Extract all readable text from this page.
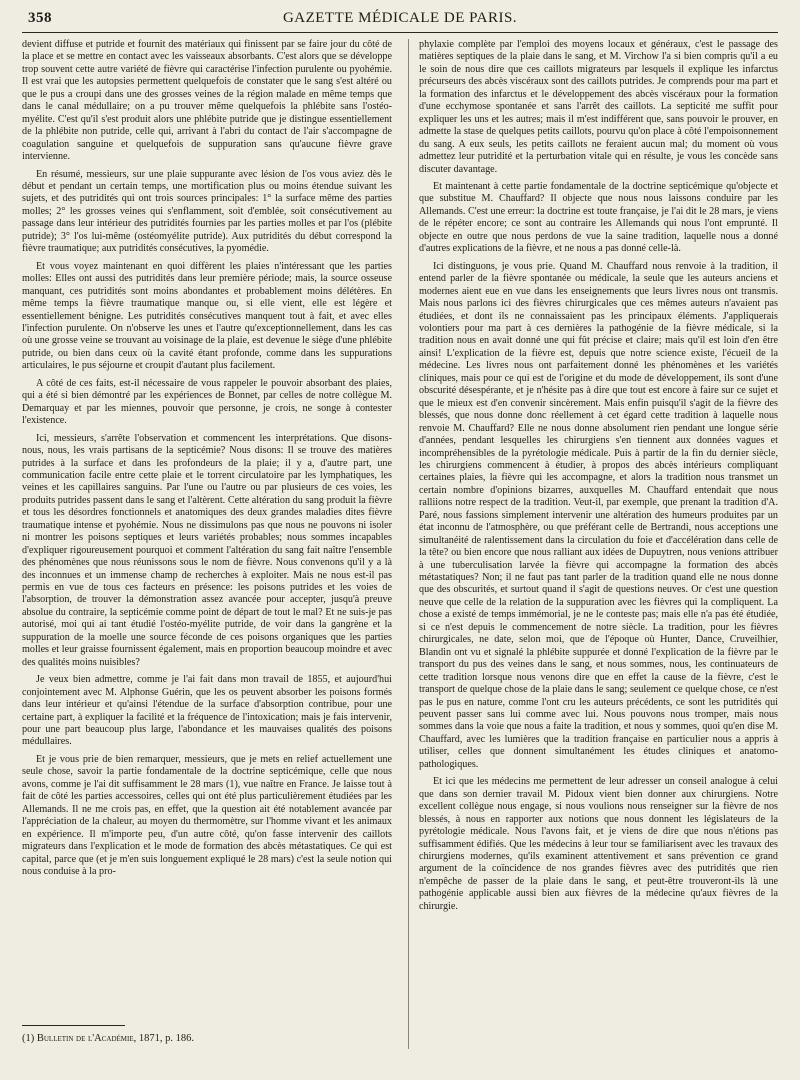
358	GAZETTE MÉDICALE DE PARIS.

devient diffuse et putride et fournit des matériaux qui finissent par se faire jour du côté de la place et se mettre en contact avec les vaisseaux absorbants. C'est alors que se développe trop souvent cette autre variété de fièvre qui caractérise l'infection purulente ou pyohémie. Il est vrai que les autopsies permettent quelquefois de constater que le sang s'est altéré ou que le pus a croupi dans une des grosses veines de la région malade en même temps que dans le canal médullaire; on a pu trouver même quelquefois la phlébite sans l'ostéo-myélite. C'est qu'il s'est produit alors une phlébite putride que je distingue essentiellement de la phlébite non putride, celle qui, arrivant à l'abri du contact de l'air s'accompagne de coagulation sanguine et quelquefois de suppuration sans qu'aucune fièvre grave intervienne.

En résumé, messieurs, sur une plaie suppurante avec lésion de l'os vous aviez dès le début et pendant un certain temps, une mortification plus ou moins étendue suivant les sujets, et des putridités qui ont trois sources principales: 1° la surface même des parties molles; 2° les grosses veines qui s'enflamment, soit d'emblée, soit consécutivement au passage dans leur intérieur des putridités fournies par les parties molles et par l'os (plébite putride); 3° l'os lui-même (ostéomyélite putride). Aux putridités du début correspond la fièvre traumatique; aux putridités consécutives, la pyomédie.

Et vous voyez maintenant en quoi diffèrent les plaies n'intéressant que les parties molles: Elles ont aussi des putridités dans leur première période; mais, la source osseuse manquant, ces putridités sont moins abondantes et probablement moins délétères. En même temps la fièvre traumatique manque ou, si elle vient, elle est légère et essentiellement bénigne. Les putridités consécutives manquent tout à fait, et avec elles l'infection purulente. On n'observe les unes et l'autre qu'exceptionnellement, dans les cas où une grosse veine se trouvant au voisinage de la plaie, est devenue le siège d'une phlébite putride, ou bien dans ceux où la cavité étant profonde, comme dans les suppurations articulaires, le pus séjourne et croupit d'autant plus facilement.

A côté de ces faits, est-il nécessaire de vous rappeler le pouvoir absorbant des plaies, qui a été si bien démontré par les expériences de Bonnet, par celles de notre collègue M. Demarquay et par les miennes, pouvoir que personne, je crois, ne songe à contester l'existence.

Ici, messieurs, s'arrête l'observation et commencent les interprétations. Que disons-nous, nous, les vrais partisans de la septicémie? Nous disons: Il se trouve des matières putrides à la surface et dans les profondeurs de la plaie; il y a, d'autre part, une communication facile entre cette plaie et le torrent circulatoire par les lymphatiques, les veines et les capillaires sanguins. Par l'une ou l'autre ou par plusieurs de ces voies, les produits putrides passent dans le sang et l'altèrent. Cette altération du sang produit la fièvre et tous les désordres fonctionnels et anatomiques des deux grandes maladies dites fièvre traumatique intense et pyohémie. Nous ne dissimulons pas que nous ne pouvons ni isoler ni montrer les poisons septiques et leurs variétés probables; nous sommes incapables d'expliquer rigoureusement pourquoi et comment l'altération du sang fait naître l'ensemble des phénomènes que nous réunissons sous le nom de fièvre. Nous convenons qu'il y a là des inconnues et un immense champ de recherches à exploiter. Mais ne nous est-il pas permis en vue de tous ces facteurs en présence: les poisons putrides et les voies de l'absorption, de trouver la démonstration assez avancée pour accepter, jusqu'à preuve absolue du contraire, la septicémie comme point de départ de tout le mal? Et ne suis-je pas autorisé, moi qui ai tant étudié l'ostéo-myélite putride, de voir dans la gangrène et la suppuration de la moelle une source féconde de ces poisons organiques que les parties molles et leur graisse fournissent également, mais en proportion beaucoup moindre et avec des qualités moins nuisibles?

Je veux bien admettre, comme je l'ai fait dans mon travail de 1855, et aujourd'hui conjointement avec M. Alphonse Guérin, que les os peuvent absorber les poisons formés dans leur intérieur et qu'ainsi l'étendue de la surface d'absorption contribue, pour une certaine part, à expliquer la facilité et la fréquence de l'intoxication; mais je fais intervenir, pour une part beaucoup plus large, l'abondance et les mauvaises qualités des poisons médullaires.

Et je vous prie de bien remarquer, messieurs, que je mets en relief actuellement une seule chose, savoir la partie fondamentale de la doctrine septicémique, celle que nous avons, comme je l'ai dit suffisamment le 28 mars (1), vue naître en France. Je laisse tout à fait de côté les parties accessoires, celles qui ont été plus particulièrement étudiées par les Allemands. Il ne me crois pas, en effet, que la question ait été notablement avancée par l'appréciation de la chaleur, au moyen du thermomètre, sur l'homme vivant et les animaux en expérience. Il m'importe peu, d'un autre côté, qu'on fasse intervenir des caillots migrateurs dans l'explication et le mode de formation des abcès métastatiques. Ce qui est capital, parce que (et je m'en suis longuement expliqué le 28 mars) c'est la seule notion qui nous conduise à la pro-

(1) Bulletin de l'Académie, 1871, p. 186.

phylaxie complète par l'emploi des moyens locaux et généraux, c'est le passage des matières septiques de la plaie dans le sang, et M. Virchow l'a si bien compris qu'il a eu le soin de nous dire que ces caillots migrateurs par lesquels il explique les infarctus précurseurs des abcès viscéraux sont des caillots putrides. Je comprends pour ma part et la formation des infarctus et le développement des abcès viscéraux pour la formation d'une ecchymose spontanée et sans l'arrêt des caillots. La septicité me suffit pour expliquer les uns et les autres; mais il m'est indifférent que, sans pouvoir le prouver, en admette la stase de quelques petits caillots, pourvu qu'on place à côté l'empoisonnement du sang. A eux seuls, les petits caillots ne feraient aucun mal; du moment où vous admettez leur putridité et la perturbation vitale qui en résulte, je vous les concède sans discuter davantage.

Et maintenant à cette partie fondamentale de la doctrine septicémique qu'objecte et que substitue M. Chauffard? Il objecte que nous nous laissons conduire par les Allemands. C'est une erreur: la doctrine est toute française, je l'ai dit le 28 mars, je viens de le répéter encore; ce sont au contraire les Allemands qui nous l'ont emprunté. Il objecte en outre que nous perdons de vue la saine tradition, laquelle nous a donné d'autres explications de la fièvre, et ne nous a pas donné celle-là.

Ici distinguons, je vous prie. Quand M. Chauffard nous renvoie à la tradition, il entend parler de la fièvre spontanée ou médicale, la seule que les auteurs anciens et modernes aient eue en vue dans les enseignements que leurs livres nous ont transmis. Mais nous parlons ici des fièvres chirurgicales que ces mêmes auteurs n'avaient pas étudiées, et dont ils ne connaissaient pas les principaux éléments. J'appliquerais volontiers pour ma part à ces dernières la pathogénie de la fièvre médicale, si la tradition nous en avait donné une qui fût précise et claire; mais qu'il est loin d'en être ainsi! L'explication de la fièvre est, depuis que notre science existe, l'écueil de la médecine. Les livres nous ont parfaitement donné les phénomènes et les variétés cliniques, mais pour ce qui est de l'origine et du mode de développement, ils sont d'une obscurité désespérante, et je n'hésite pas à dire que tout est encore à faire sur ce sujet et que le mieux est d'en convenir sincèrement. Mais enfin puisqu'il s'agit de la fièvre des blessés, que nous donne donc réellement à cet égard cette tradition à laquelle nous renvoie M. Chauffard? Elle ne nous donne absolument rien pendant une longue série d'années, pendant lesquelles les chirurgiens s'en tiennent aux données vagues et incompréhensibles de la pyrétologie médicale. Puis à partir de la fin du dernier siècle, les chirurgiens commencent à étudier, à propos des abcès intérieurs compliquant certaines plaies, la fièvre qui les accompagne, et alors la tradition nous transmet un certain nombre d'opinions bizarres, auxquelles M. Chauffard entendait que nous ralliions notre respect de la tradition. Veut-il, par exemple, que prenant la tradition d'A. Paré, nous fassions simplement intervenir une altération des humeurs produites par un état inconnu de l'atmosphère, ou que préférant celle de Bertrandi, nous acceptions une simultanéité de ralentissement dans la circulation du foie et d'accélération dans celle de la tête? ou bien encore que nous ralliant aux idées de Dupuytren, nous venions attribuer à une tuberculisation larvée la fièvre qui accompagne la formation des abcès métastatiques? Non; il ne faut pas tant parler de la tradition quand elle ne nous donne que des obscurités, et surtout quand il s'agit de questions neuves. Or c'est une question neuve que celle de la relation de la suppuration avec les fièvres qui la compliquent. La chose a existé de temps immémorial, je ne le conteste pas; mais elle n'a pas été étudiée, si ce n'est depuis le commencement de notre siècle. La tradition, pour les fièvres chirurgicales, ne date, selon moi, que de l'époque où Hunter, Dance, Cruveilhier, Blandin ont vu et signalé la phlébite suppurée et donné l'explication de la fièvre par le transport du pus des veines dans le sang, et nous sommes, nous, les continuateurs de cette tradition lorsque nous venons dire que en effet la cause de la fièvre, c'est le transport de quelque chose de la plaie dans le sang; seulement ce quelque chose, ce n'est pas le pus en nature, comme l'ont cru les auteurs précédents, ce sont les putridités qui peuvent passer sans lui comme avec lui. Nous pouvons nous tromper, mais nous sommes dans la voie que nous a faite la tradition, et nous y sommes, quoi qu'en dise M. Chauffard, avec les lumières que la tradition française en particulier nous a appris à utiliser, celles que donnent simultanément les études cliniques et anatomo-pathologiques.

Et ici que les médecins me permettent de leur adresser un conseil analogue à celui que dans son dernier travail M. Pidoux vient bien donner aux chirurgiens. Notre excellent collègue nous engage, si nous voulions nous renseigner sur la fièvre de nos blessés, à nous en rapporter aux notions que nous donnent les législateurs de la pyrétologie médicale. Nous l'avons fait, et je viens de dire que nous n'étions pas suffisamment édifiés. Que les médecins à leur tour se familiarisent avec les travaux des chirurgiens modernes, qu'ils examinent attentivement et sans prévention ce grand argument de la coïncidence de nos grandes fièvres avec des putridités que rien n'empêche de passer de la plaie dans le sang, et peut-être trouveront-ils là une pathogénie applicable aussi bien aux fièvres de la médecine qu'aux fièvres de la chirurgie.
